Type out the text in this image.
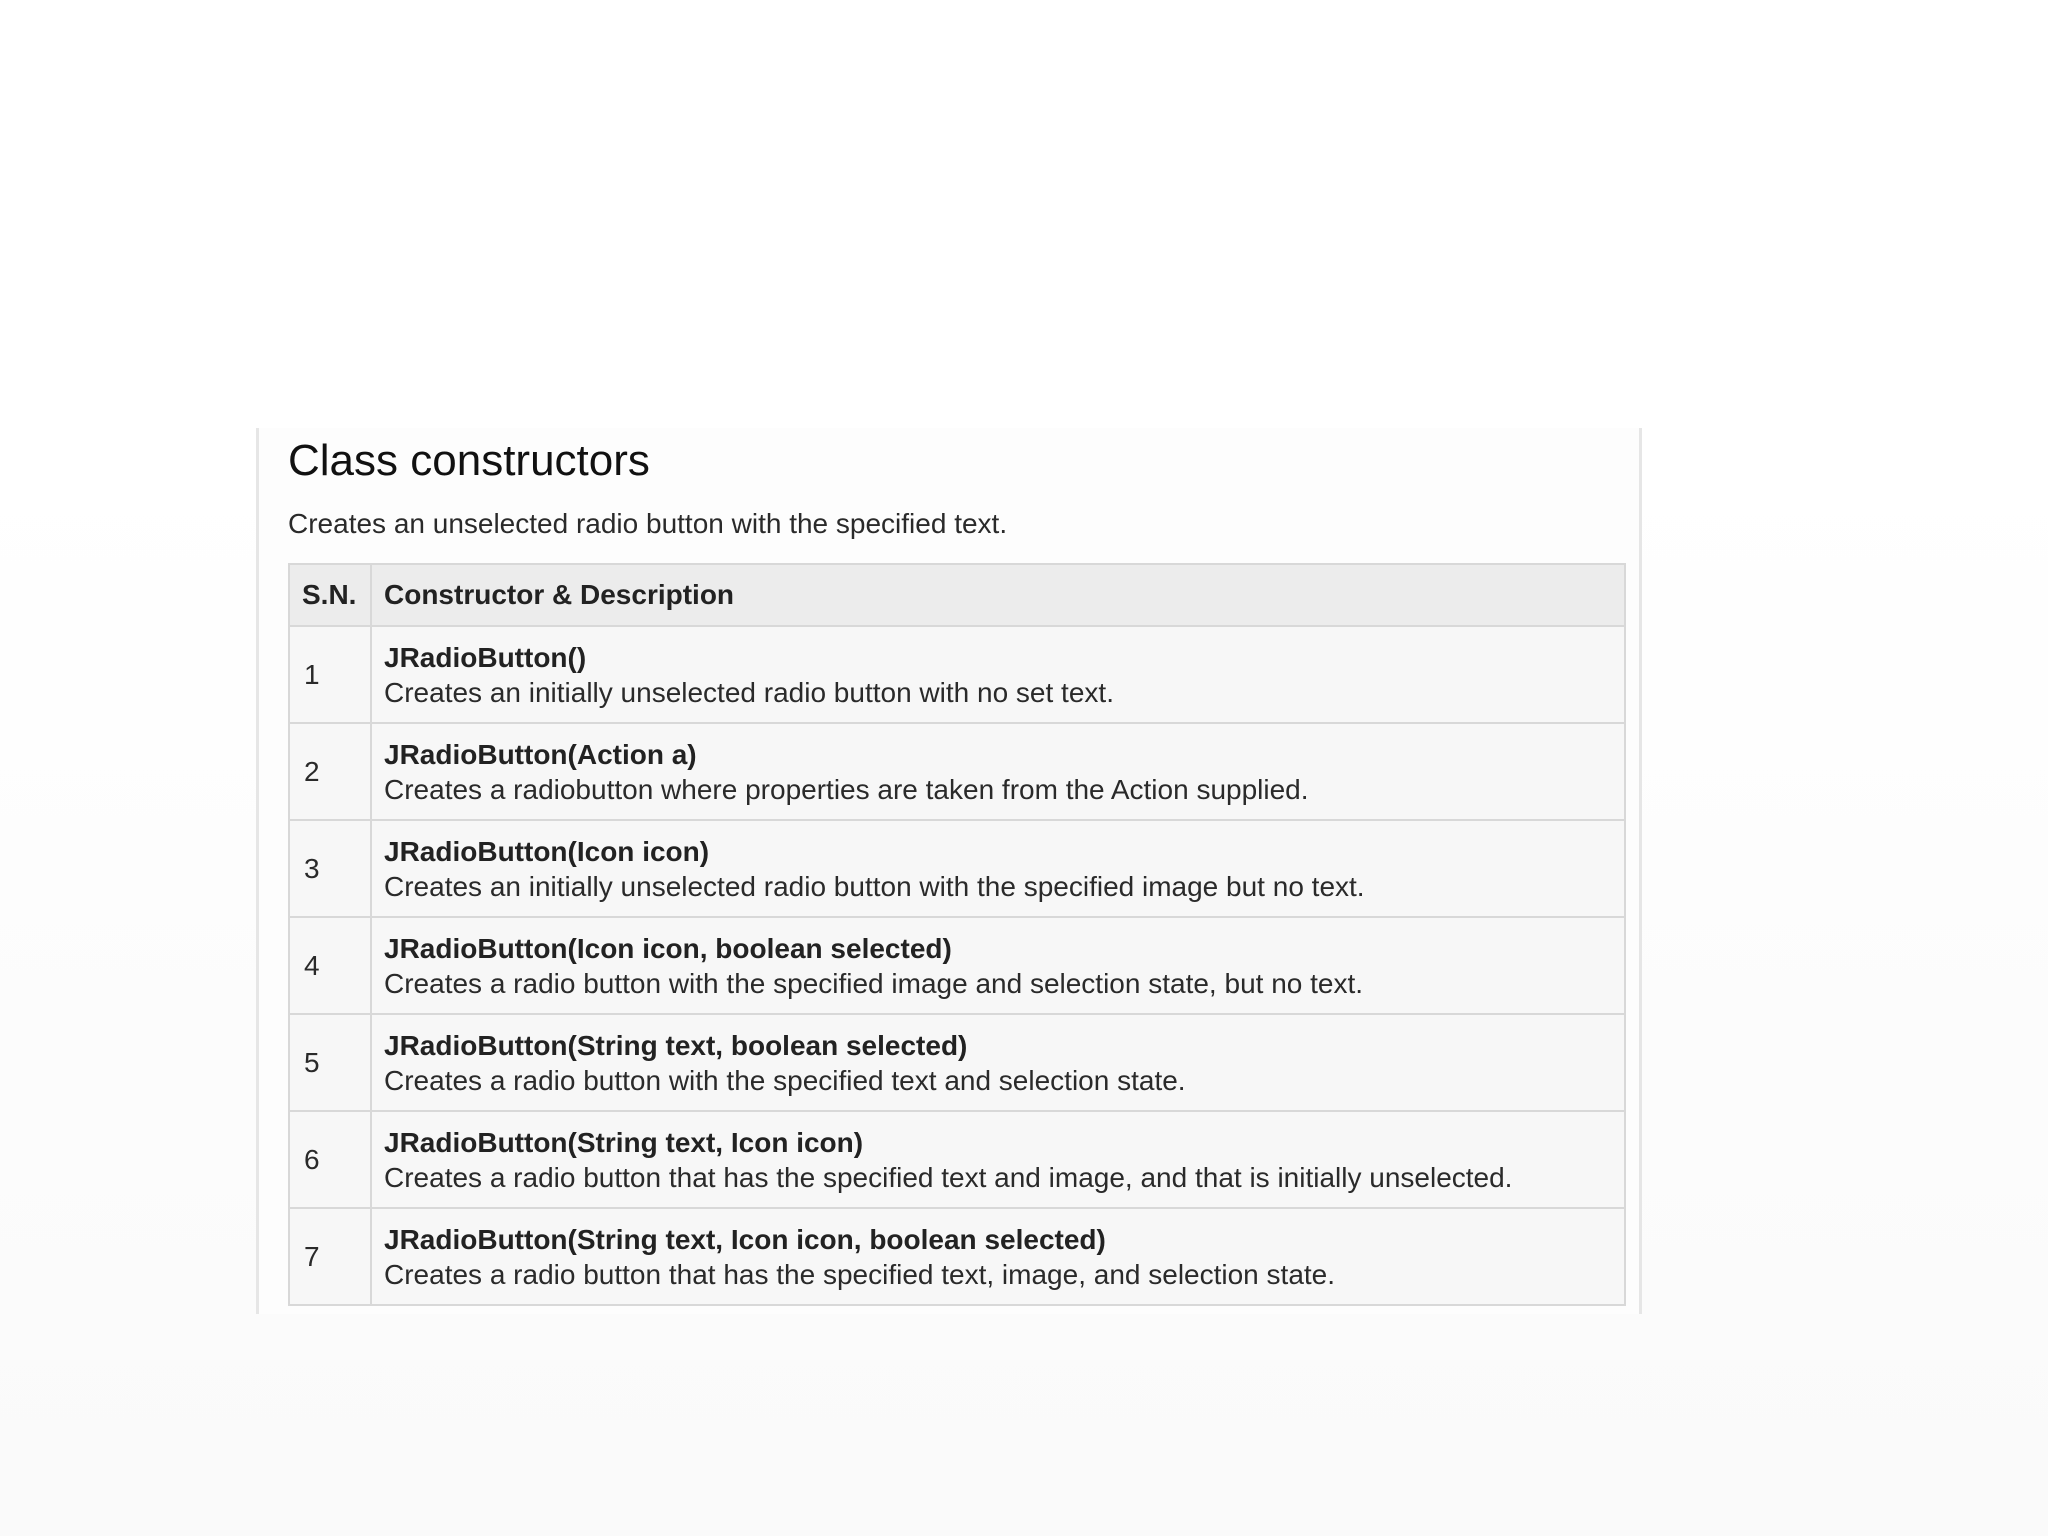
Class constructors

Creates an unselected radio button with the specified text.

S.N.	Constructor & Description
1	JRadioButton()
Creates an initially unselected radio button with no set text.

2	JRadioButton(Action a)
Creates a radiobutton where properties are taken from the Action supplied.

3	JRadioButton(Icon icon)
Creates an initially unselected radio button with the specified image but no text.

4	JRadioButton(Icon icon, boolean selected)
Creates a radio button with the specified image and selection state, but no text.

5	JRadioButton(String text, boolean selected)
Creates a radio button with the specified text and selection state.

6	JRadioButton(String text, Icon icon)
Creates a radio button that has the specified text and image, and that is initially unselected.

7	JRadioButton(String text, Icon icon, boolean selected)
Creates a radio button that has the specified text, image, and selection state.
